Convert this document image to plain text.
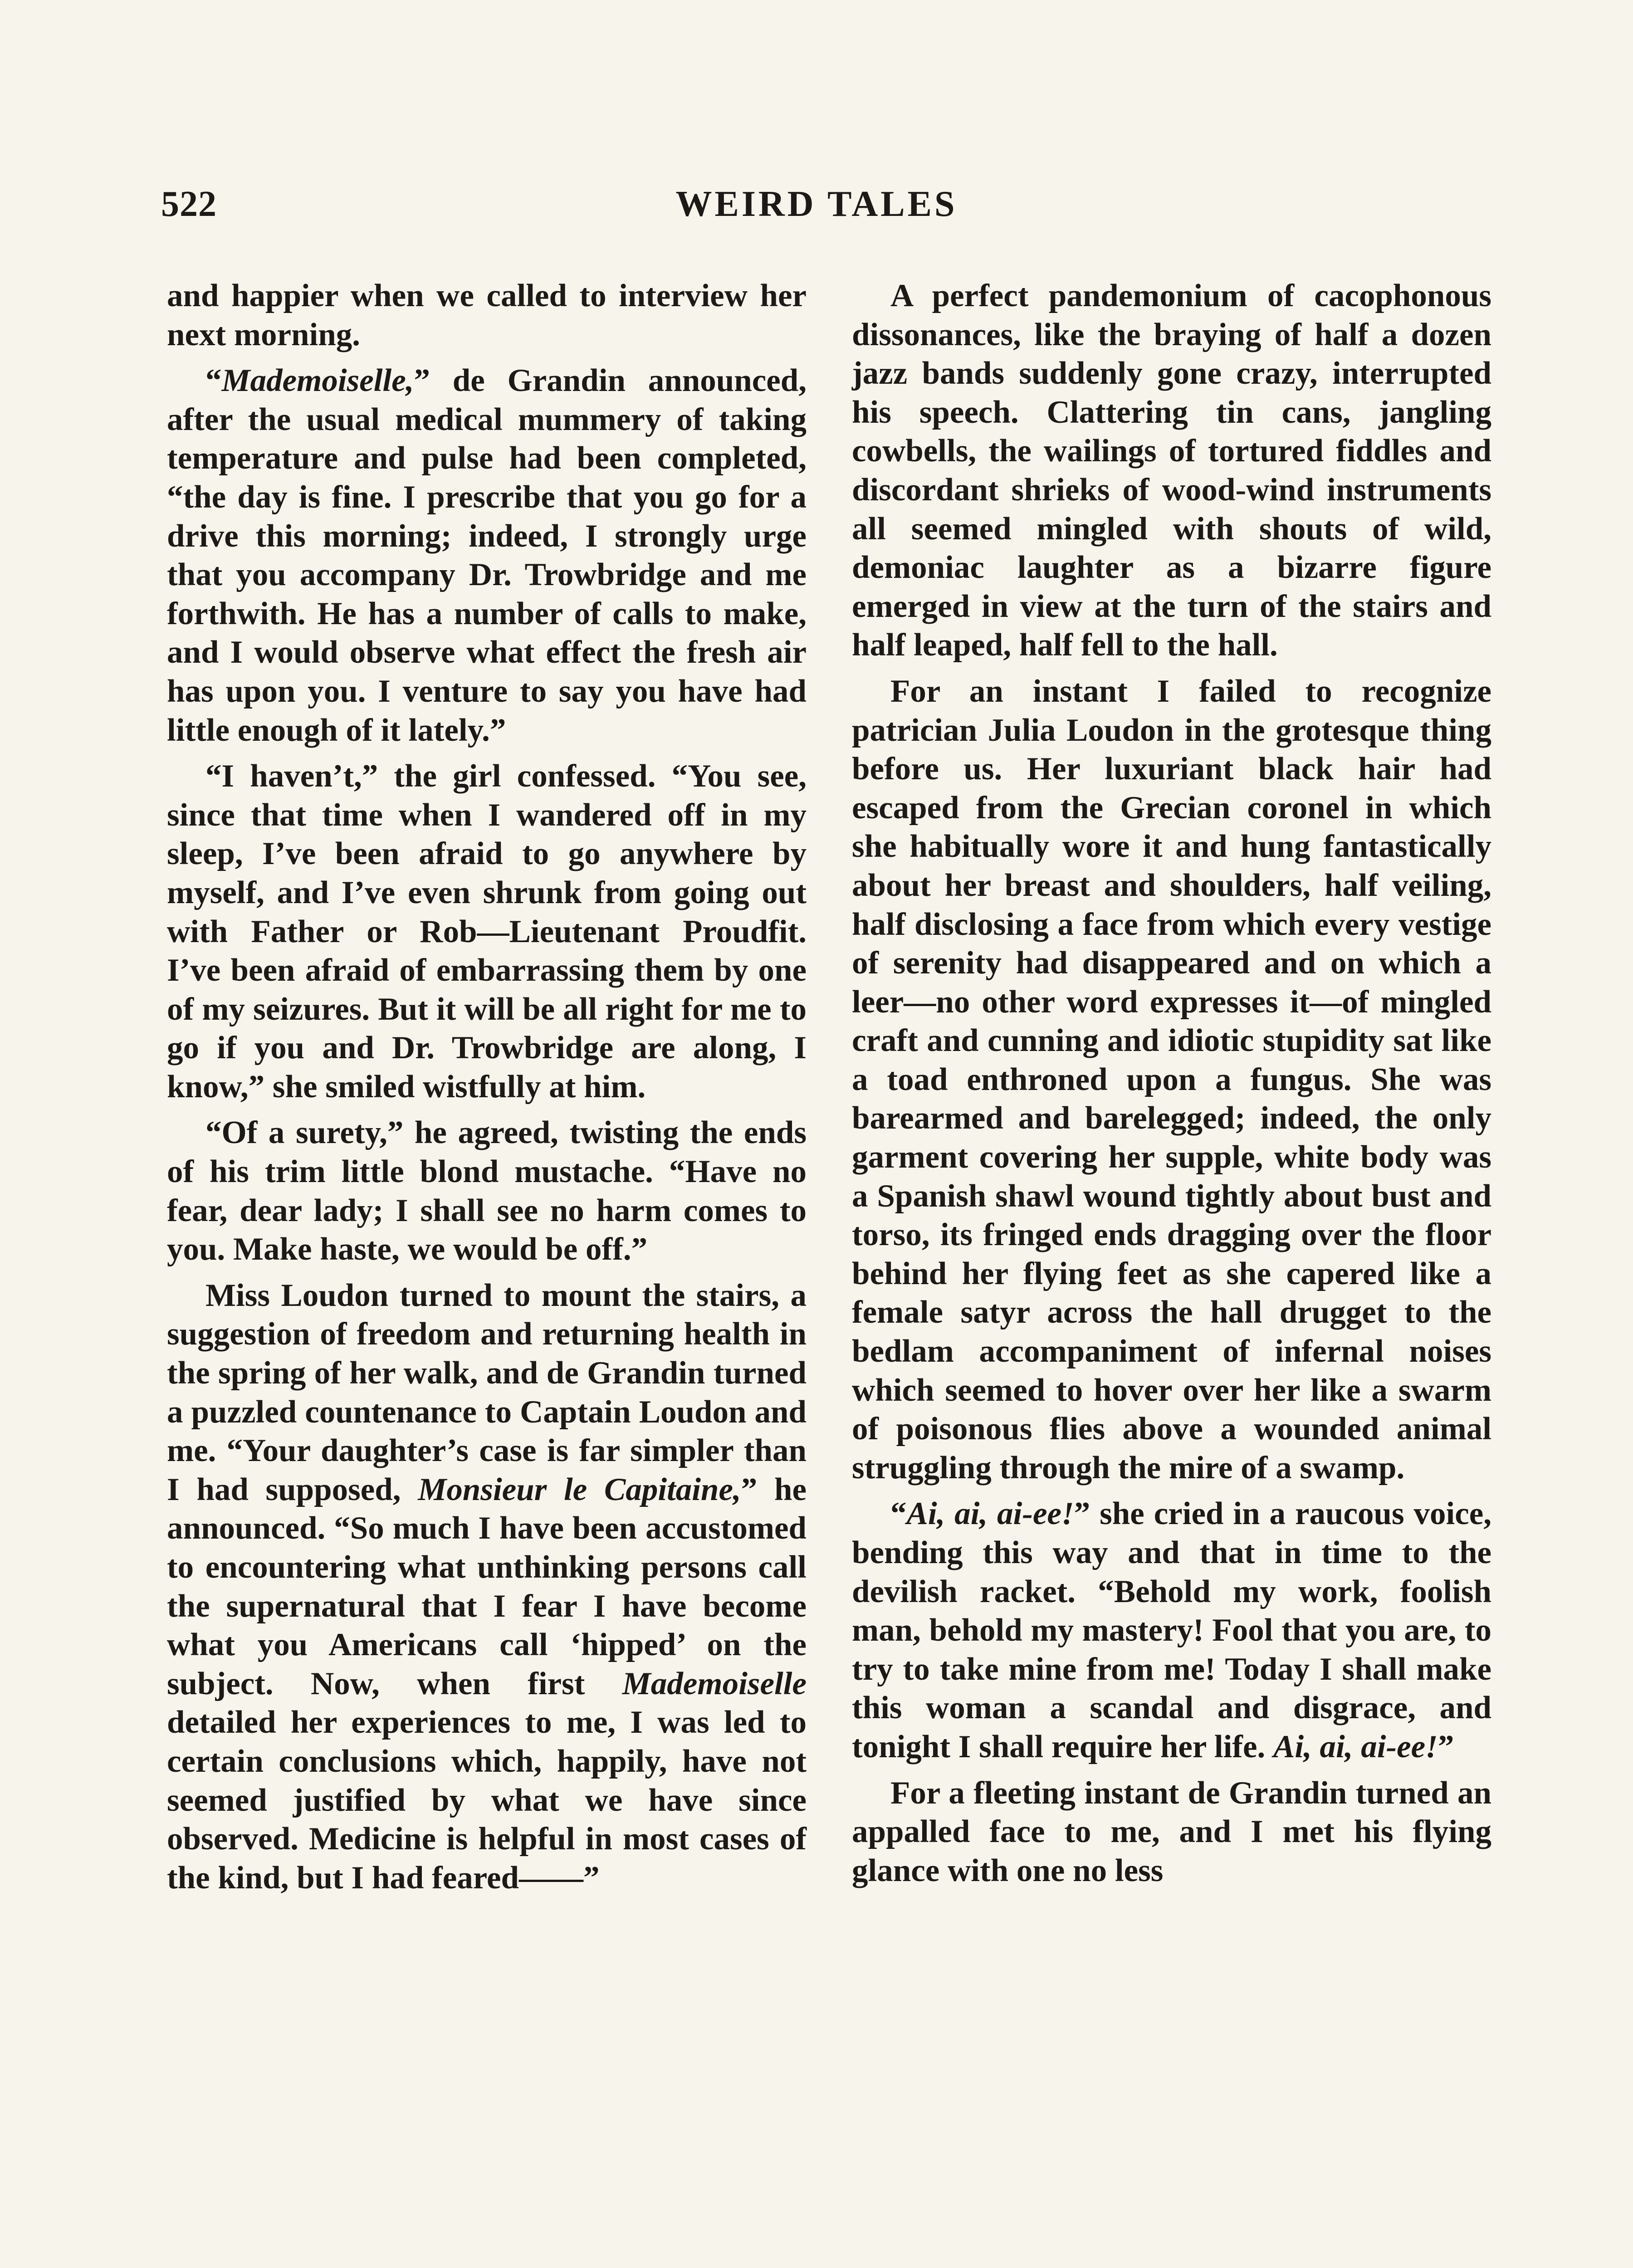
522	WEIRD TALES

and happier when we called to interview her next morning.

“Mademoiselle,” de Grandin announced, after the usual medical mummery of taking temperature and pulse had been completed, “the day is fine. I prescribe that you go for a drive this morning; indeed, I strongly urge that you accompany Dr. Trowbridge and me forthwith. He has a number of calls to make, and I would observe what effect the fresh air has upon you. I venture to say you have had little enough of it lately.”

“I haven’t,” the girl confessed. “You see, since that time when I wandered off in my sleep, I’ve been afraid to go anywhere by myself, and I’ve even shrunk from going out with Father or Rob—Lieutenant Proudfit. I’ve been afraid of embarrassing them by one of my seizures. But it will be all right for me to go if you and Dr. Trowbridge are along, I know,” she smiled wistfully at him.

“Of a surety,” he agreed, twisting the ends of his trim little blond mustache. “Have no fear, dear lady; I shall see no harm comes to you. Make haste, we would be off.”

Miss Loudon turned to mount the stairs, a suggestion of freedom and returning health in the spring of her walk, and de Grandin turned a puzzled countenance to Captain Loudon and me. “Your daughter’s case is far simpler than I had supposed, Monsieur le Capitaine,” he announced. “So much I have been accustomed to encountering what unthinking persons call the supernatural that I fear I have become what you Americans call ‘hipped’ on the subject. Now, when first Mademoiselle detailed her experiences to me, I was led to certain conclusions which, happily, have not seemed justified by what we have since observed. Medicine is helpful in most cases of the kind, but I had feared——”

A perfect pandemonium of cacophonous dissonances, like the braying of half a dozen jazz bands suddenly gone crazy, interrupted his speech. Clattering tin cans, jangling cowbells, the wailings of tortured fiddles and discordant shrieks of wood-wind instruments all seemed mingled with shouts of wild, demoniac laughter as a bizarre figure emerged in view at the turn of the stairs and half leaped, half fell to the hall.

For an instant I failed to recognize patrician Julia Loudon in the grotesque thing before us. Her luxuriant black hair had escaped from the Grecian coronel in which she habitually wore it and hung fantastically about her breast and shoulders, half veiling, half disclosing a face from which every vestige of serenity had disappeared and on which a leer—no other word expresses it—of mingled craft and cunning and idiotic stupidity sat like a toad enthroned upon a fungus. She was barearmed and barelegged; indeed, the only garment covering her supple, white body was a Spanish shawl wound tightly about bust and torso, its fringed ends dragging over the floor behind her flying feet as she capered like a female satyr across the hall drugget to the bedlam accompaniment of infernal noises which seemed to hover over her like a swarm of poisonous flies above a wounded animal struggling through the mire of a swamp.

“Ai, ai, ai-ee!” she cried in a raucous voice, bending this way and that in time to the devilish racket. “Behold my work, foolish man, behold my mastery! Fool that you are, to try to take mine from me! Today I shall make this woman a scandal and disgrace, and tonight I shall require her life. Ai, ai, ai-ee!”

For a fleeting instant de Grandin turned an appalled face to me, and I met his flying glance with one no less
